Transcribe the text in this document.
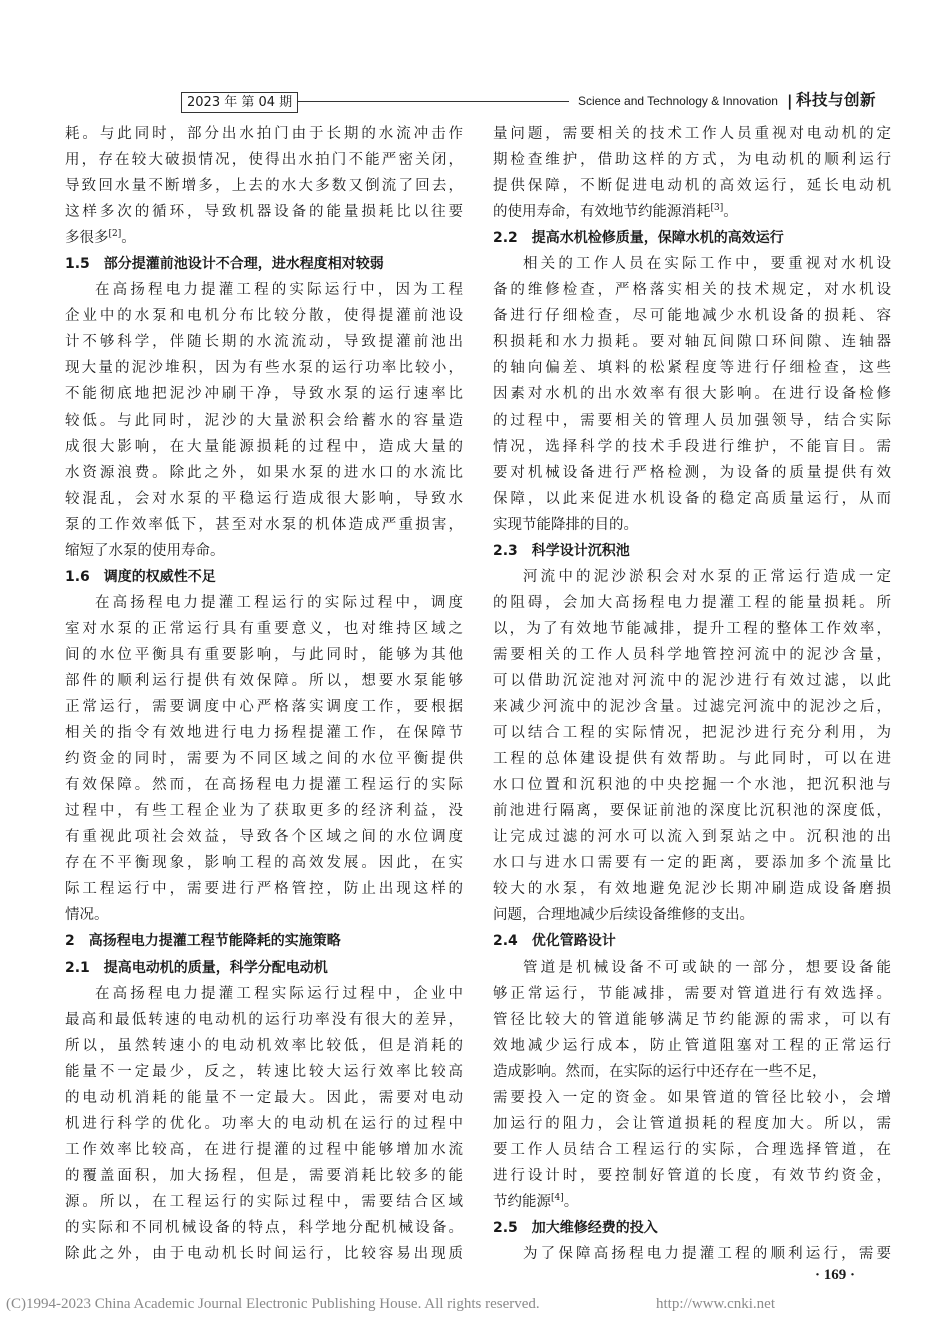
2023 年 第 04 期	Science and Technology & Innovation | 科技与创新
耗。与此同时，部分出水拍门由于长期的水流冲击作
用，存在较大破损情况，使得出水拍门不能严密关闭，
导致回水量不断增多，上去的水大多数又倒流了回去，
这样多次的循环，导致机器设备的能量损耗比以往要
多很多[2]。
1.5　部分提灌前池设计不合理，进水程度相对较弱
在高扬程电力提灌工程的实际运行中，因为工程
企业中的水泵和电机分布比较分散，使得提灌前池设
计不够科学，伴随长期的水流流动，导致提灌前池出
现大量的泥沙堆积，因为有些水泵的运行功率比较小，
不能彻底地把泥沙冲刷干净，导致水泵的运行速率比
较低。与此同时，泥沙的大量淤积会给蓄水的容量造
成很大影响，在大量能源损耗的过程中，造成大量的
水资源浪费。除此之外，如果水泵的进水口的水流比
较混乱，会对水泵的平稳运行造成很大影响，导致水
泵的工作效率低下，甚至对水泵的机体造成严重损害，
缩短了水泵的使用寿命。
1.6　调度的权威性不足
在高扬程电力提灌工程运行的实际过程中，调度
室对水泵的正常运行具有重要意义，也对维持区域之
间的水位平衡具有重要影响，与此同时，能够为其他
部件的顺利运行提供有效保障。所以，想要水泵能够
正常运行，需要调度中心严格落实调度工作，要根据
相关的指令有效地进行电力扬程提灌工作，在保障节
约资金的同时，需要为不同区域之间的水位平衡提供
有效保障。然而，在高扬程电力提灌工程运行的实际
过程中，有些工程企业为了获取更多的经济利益，没
有重视此项社会效益，导致各个区域之间的水位调度
存在不平衡现象，影响工程的高效发展。因此，在实
际工程运行中，需要进行严格管控，防止出现这样的
情况。
2　高扬程电力提灌工程节能降耗的实施策略
2.1　提高电动机的质量，科学分配电动机
在高扬程电力提灌工程实际运行过程中，企业中
最高和最低转速的电动机的运行功率没有很大的差异，
所以，虽然转速小的电动机效率比较低，但是消耗的
能量不一定最少，反之，转速比较大运行效率比较高
的电动机消耗的能量不一定最大。因此，需要对电动
机进行科学的优化。功率大的电动机在运行的过程中
工作效率比较高，在进行提灌的过程中能够增加水流
的覆盖面积，加大扬程，但是，需要消耗比较多的能
源。所以，在工程运行的实际过程中，需要结合区域
的实际和不同机械设备的特点，科学地分配机械设备。
除此之外，由于电动机长时间运行，比较容易出现质
量问题，需要相关的技术工作人员重视对电动机的定
期检查维护，借助这样的方式，为电动机的顺利运行
提供保障，不断促进电动机的高效运行，延长电动机
的使用寿命，有效地节约能源消耗[3]。
2.2　提高水机检修质量，保障水机的高效运行
相关的工作人员在实际工作中，要重视对水机设
备的维修检查，严格落实相关的技术规定，对水机设
备进行仔细检查，尽可能地减少水机设备的损耗、容
积损耗和水力损耗。要对轴瓦间隙口环间隙、连轴器
的轴向偏差、填料的松紧程度等进行仔细检查，这些
因素对水机的出水效率有很大影响。在进行设备检修
的过程中，需要相关的管理人员加强领导，结合实际
情况，选择科学的技术手段进行维护，不能盲目。需
要对机械设备进行严格检测，为设备的质量提供有效
保障，以此来促进水机设备的稳定高质量运行，从而
实现节能降排的目的。
2.3　科学设计沉积池
河流中的泥沙淤积会对水泵的正常运行造成一定
的阻碍，会加大高扬程电力提灌工程的能量损耗。所
以，为了有效地节能减排，提升工程的整体工作效率，
需要相关的工作人员科学地管控河流中的泥沙含量，
可以借助沉淀池对河流中的泥沙进行有效过滤，以此
来减少河流中的泥沙含量。过滤完河流中的泥沙之后，
可以结合工程的实际情况，把泥沙进行充分利用，为
工程的总体建设提供有效帮助。与此同时，可以在进
水口位置和沉积池的中央挖掘一个水池，把沉积池与
前池进行隔离，要保证前池的深度比沉积池的深度低，
让完成过滤的河水可以流入到泵站之中。沉积池的出
水口与进水口需要有一定的距离，要添加多个流量比
较大的水泵，有效地避免泥沙长期冲刷造成设备磨损
问题，合理地减少后续设备维修的支出。
2.4　优化管路设计
管道是机械设备不可或缺的一部分，想要设备能
够正常运行，节能减排，需要对管道进行有效选择。
管径比较大的管道能够满足节约能源的需求，可以有
效地减少运行成本，防止管道阻塞对工程的正常运行
造成影响。然而，在实际的运行中还存在一些不足，
需要投入一定的资金。如果管道的管径比较小，会增
加运行的阻力，会让管道损耗的程度加大。所以，需
要工作人员结合工程运行的实际，合理选择管道，在
进行设计时，要控制好管道的长度，有效节约资金，
节约能源[4]。
2.5　加大维修经费的投入
为了保障高扬程电力提灌工程的顺利运行，需要
· 169 ·
(C)1994-2023 China Academic Journal Electronic Publishing House. All rights reserved.	http://www.cnki.net
